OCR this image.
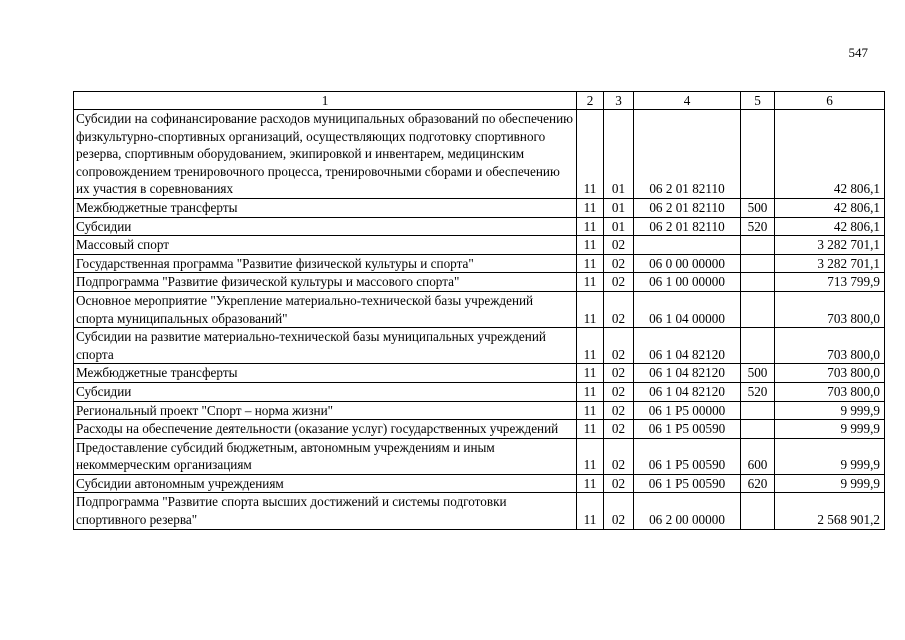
547
1	2	3	4	5	6
Субсидии на софинансирование расходов муниципальных образований по обеспечению физкультурно-спортивных организаций, осуществляющих подготовку спортивного резерва, спортивным оборудованием, экипировкой и инвентарем, медицинским сопровождением тренировочного процесса, тренировочными сборами и обеспечению их участия в соревнованиях	11	01	06 2 01 82110		42 806,1
Межбюджетные трансферты	11	01	06 2 01 82110	500	42 806,1
Субсидии	11	01	06 2 01 82110	520	42 806,1
Массовый спорт	11	02			3 282 701,1
Государственная программа "Развитие физической культуры и спорта"	11	02	06 0 00 00000		3 282 701,1
Подпрограмма "Развитие физической культуры и массового спорта"	11	02	06 1 00 00000		713 799,9
Основное мероприятие "Укрепление материально-технической базы учреждений спорта муниципальных образований"	11	02	06 1 04 00000		703 800,0
Субсидии на развитие материально-технической базы муниципальных учреждений спорта	11	02	06 1 04 82120		703 800,0
Межбюджетные трансферты	11	02	06 1 04 82120	500	703 800,0
Субсидии	11	02	06 1 04 82120	520	703 800,0
Региональный проект "Спорт – норма жизни"	11	02	06 1 P5 00000		9 999,9
Расходы на обеспечение деятельности (оказание услуг) государственных учреждений	11	02	06 1 P5 00590		9 999,9
Предоставление субсидий бюджетным, автономным учреждениям и иным некоммерческим организациям	11	02	06 1 P5 00590	600	9 999,9
Субсидии автономным учреждениям	11	02	06 1 P5 00590	620	9 999,9
Подпрограмма "Развитие спорта высших достижений и системы подготовки спортивного резерва"	11	02	06 2 00 00000		2 568 901,2
